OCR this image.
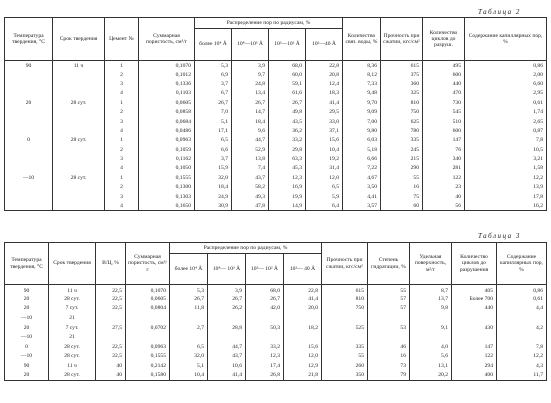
Таблица 2
Температура твердения, °С	Срок твердения	Цемент №	Суммарная пористость, см³/г	Распределение пор по радиусам, %				Количество связ. воды, %	Прочность при сжатии, кгс/см²	Количество циклов до разруш.	Содержание капиллярных пор, %
				более 10⁴ Å	10⁴—10³ Å	10³—10² Å	10²—40 Å				
90	11 ч	1	0,1070	5,3	3,9	68,0	22,8	8,36	615	495	0,86
		2	0,1012	6,9	9,7	60,0	20,8	8,12	375	600	2,00
		3	0,1336	3,7	24,8	59,1	12,4	7,33	360	440	6,60
		4	0,1103	6,7	13,4	61,6	18,3	9,48	325	470	2,95
20	28 сут.	1	0,0605	26,7	26,7	26,7	41,4	9,70	810	730	0,61
		2	0,0858	7,0	14,7	49,8	29,5	9,09	750	545	1,74
		3	0,0684	5,1	18,4	43,5	33,0	7,00	625	510	2,65
		4	0,0486	17,1	9,6	36,2	37,1	9,80	780	600	0,87
0	28 сут.	1	0,0963	6,5	44,7	33,2	15,6	6,03	335	147	7,8
		2	0,1059	6,6	52,9	29,8	10,4	5,18	245	76	10,5
		3	0,1162	3,7	13,8	63,3	19,2	6,66	215	340	3,21
		4	0,1050	15,9	7,4	45,3	31,4	7,22	290	281	1,58
—10	28 сут.	1	0,1555	32,0	43,7	12,3	12,0	4,67	55	122	12,2
		2	0,1300	18,4	58,2	16,9	6,5	3,50	16	23	13,9
		3	0,1303	24,9	49,3	19,9	5,9	4,41	75	40	17,8
		4	0,1650	30,9	47,8	14,9	6,4	3,57	60	56	16,2
Таблица 3
Температура твердения, °С	Срок твердения	В/Ц, %	Суммарная пористость, см³/г	Распределение пор по радиусам, %				Прочность при сжатии, кгс/см²	Степень гидратации, %	Удельная поверхность, м²/г	Количество циклов до разрушения	Содержание капиллярных пор, %
				более 10⁴ Å	10⁴— 10³ Å	10³— 10² Å	10²— 40 Å					
90	11 ч	22,5	0,1070	5,3	3,9	68,0	22,8	615	55	8,7	405	0,86
20	28 сут.	22,5	0,0605	26,7	26,7	26,7	41,4	810	57	13,7	Более 700	0,61
20	7 сут.	22,5	0,0804	11,8	26,2	42,0	20,0	750	57	9,8	440	4,4
—10	21											
20	7 сут.	27,5	0,0702	2,7	28,8	50,3	18,2	525	53	9,1	430	4,2
—10	21											
0	28 сут.	22,5	0,0963	6,5	44,7	33,2	15,6	335	46	4,0	147	7,8
—10	28 сут.	22,5	0,1555	32,0	43,7	12,3	12,0	55	16	5,6	122	12,2
90	11 ч	40	0,2142	5,1	10,6	17,4	12,9	260	73	13,1	294	4,3
20	28 сут.	40	0,1580	10,4	41,4	26,8	21,8	350	79	20,2	400	11,7
